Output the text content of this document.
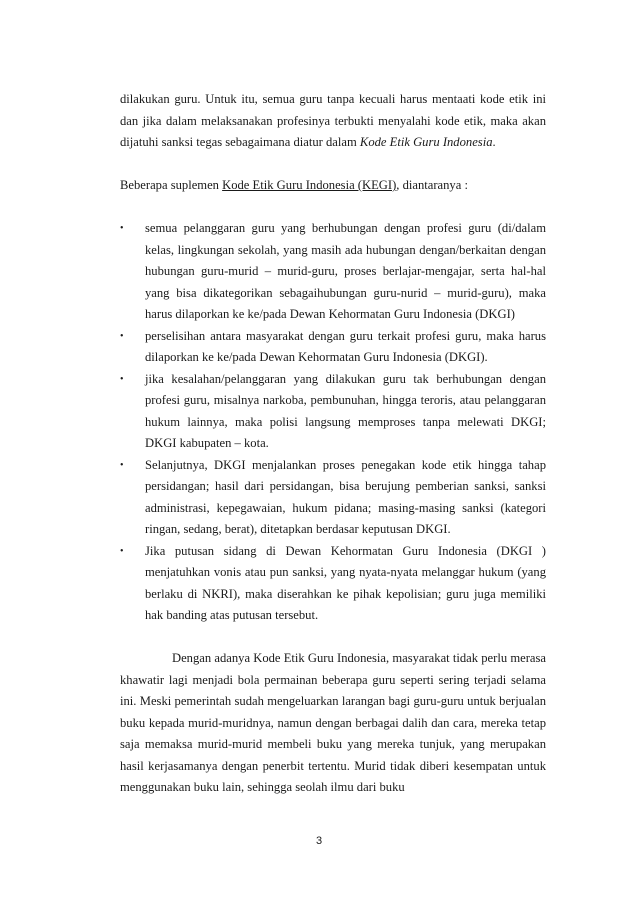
dilakukan guru. Untuk itu, semua guru tanpa kecuali harus mentaati kode etik ini dan jika dalam melaksanakan profesinya terbukti menyalahi kode etik, maka akan dijatuhi sanksi tegas sebagaimana diatur dalam Kode Etik Guru Indonesia.

Beberapa suplemen Kode Etik Guru Indonesia (KEGI), diantaranya :

• semua pelanggaran guru yang berhubungan dengan profesi guru (di/dalam kelas, lingkungan sekolah, yang masih ada hubungan dengan/berkaitan dengan hubungan guru-murid – murid-guru, proses berlajar-mengajar, serta hal-hal yang bisa dikategorikan sebagaihubungan guru-nurid – murid-guru), maka harus dilaporkan ke ke/pada Dewan Kehormatan Guru Indonesia (DKGI)
• perselisihan antara masyarakat dengan guru terkait profesi guru, maka harus dilaporkan ke ke/pada Dewan Kehormatan Guru Indonesia (DKGI).
• jika kesalahan/pelanggaran yang dilakukan guru tak berhubungan dengan profesi guru, misalnya narkoba, pembunuhan, hingga teroris, atau pelanggaran hukum lainnya, maka polisi langsung memproses tanpa melewati DKGI; DKGI kabupaten – kota.
• Selanjutnya, DKGI menjalankan proses penegakan kode etik hingga tahap persidangan; hasil dari persidangan, bisa berujung pemberian sanksi, sanksi administrasi, kepegawaian, hukum pidana; masing-masing sanksi (kategori ringan, sedang, berat), ditetapkan berdasar keputusan DKGI.
• Jika putusan sidang di Dewan Kehormatan Guru Indonesia (DKGI ) menjatuhkan vonis atau pun sanksi, yang nyata-nyata melanggar hukum (yang berlaku di NKRI), maka diserahkan ke pihak kepolisian; guru juga memiliki hak banding atas putusan tersebut.

Dengan adanya Kode Etik Guru Indonesia, masyarakat tidak perlu merasa khawatir lagi menjadi bola permainan beberapa guru seperti sering terjadi selama ini. Meski pemerintah sudah mengeluarkan larangan bagi guru-guru untuk berjualan buku kepada murid-muridnya, namun dengan berbagai dalih dan cara, mereka tetap saja memaksa murid-murid membeli buku yang mereka tunjuk, yang merupakan hasil kerjasamanya dengan penerbit tertentu. Murid tidak diberi kesempatan untuk menggunakan buku lain, sehingga seolah ilmu dari buku

3
